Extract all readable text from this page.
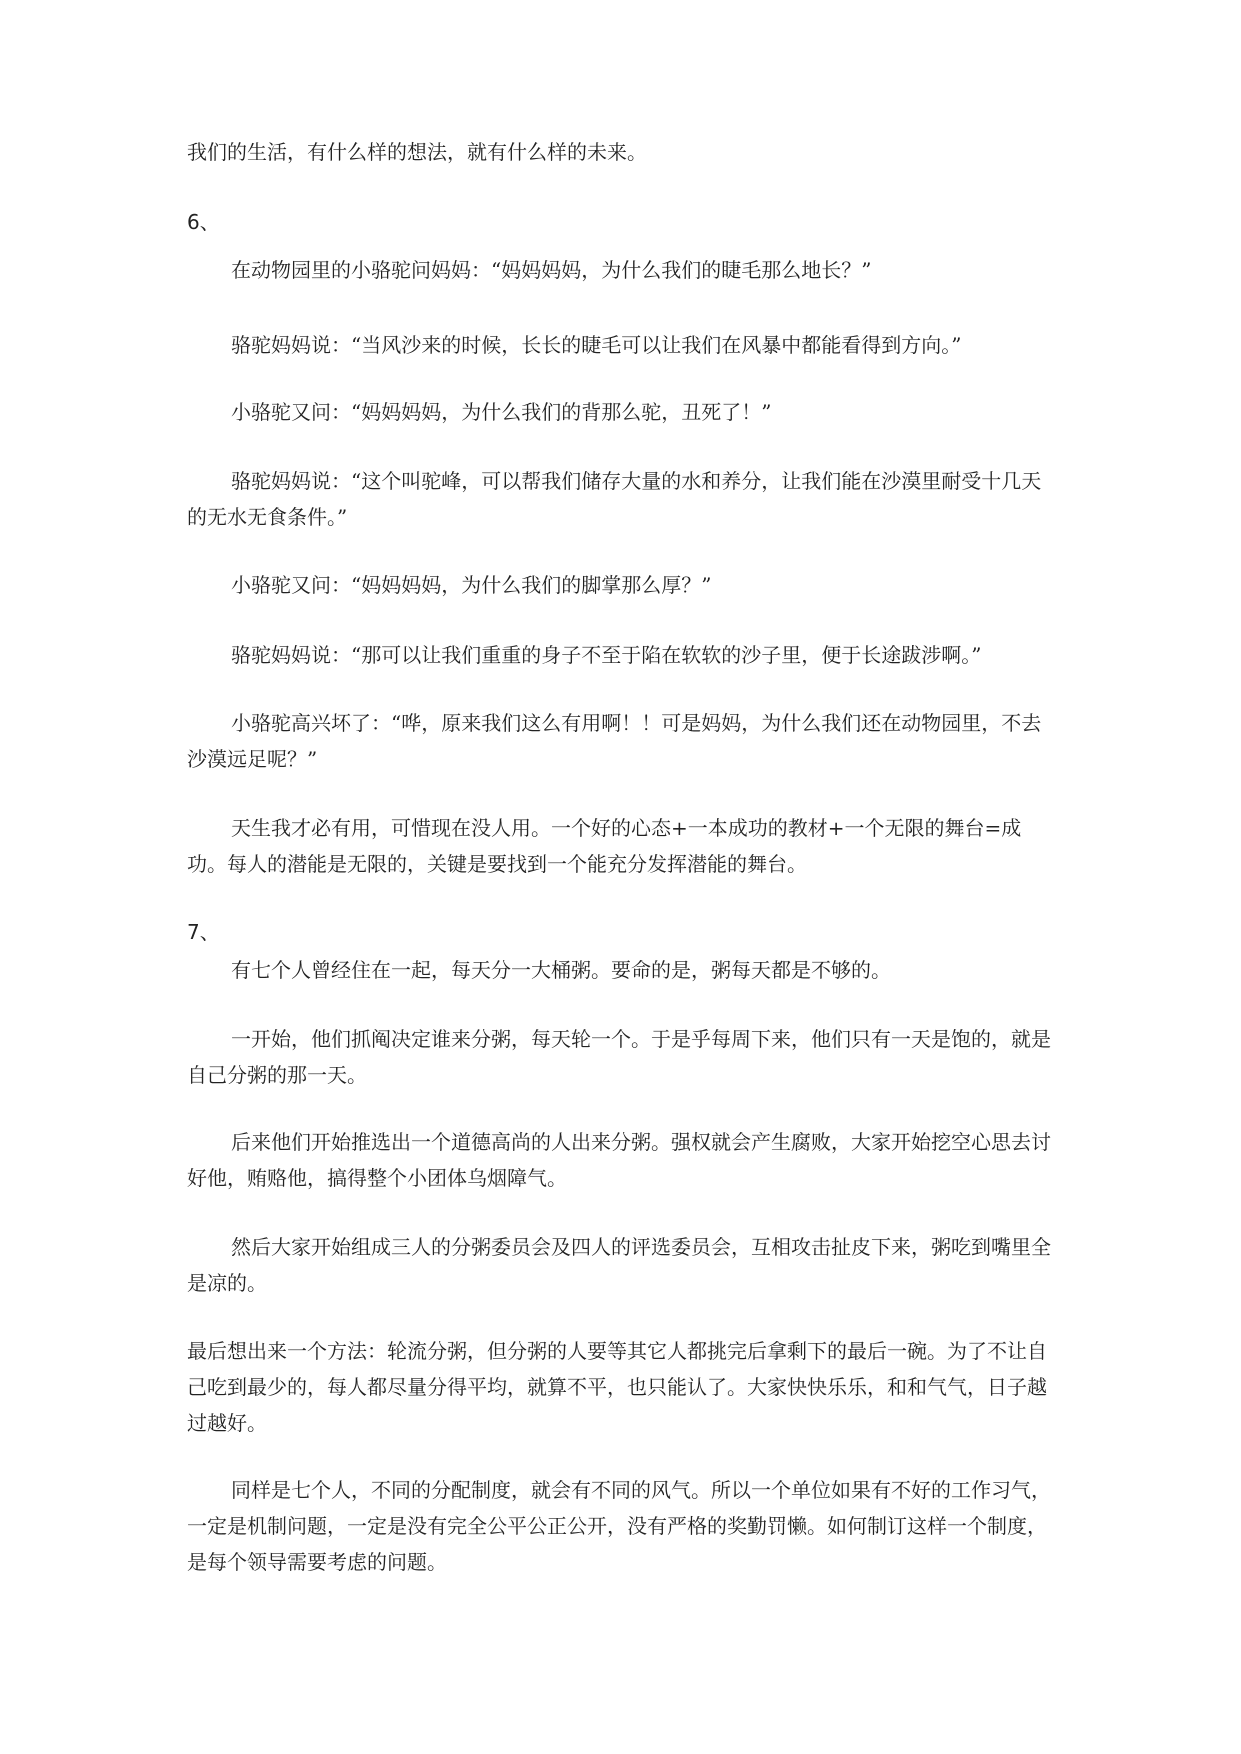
我们的生活，有什么样的想法，就有什么样的未来。

6、

在动物园里的小骆驼问妈妈：“妈妈妈妈，为什么我们的睫毛那么地长？”

骆驼妈妈说：“当风沙来的时候，长长的睫毛可以让我们在风暴中都能看得到方向。”

小骆驼又问：“妈妈妈妈，为什么我们的背那么驼，丑死了！”

骆驼妈妈说：“这个叫驼峰，可以帮我们储存大量的水和养分，让我们能在沙漠里耐受十几天的无水无食条件。”

小骆驼又问：“妈妈妈妈，为什么我们的脚掌那么厚？”

骆驼妈妈说：“那可以让我们重重的身子不至于陷在软软的沙子里，便于长途跋涉啊。”

小骆驼高兴坏了：“哗，原来我们这么有用啊！！可是妈妈，为什么我们还在动物园里，不去沙漠远足呢？”

天生我才必有用，可惜现在没人用。一个好的心态+一本成功的教材+一个无限的舞台=成功。每人的潜能是无限的，关键是要找到一个能充分发挥潜能的舞台。

7、

有七个人曾经住在一起，每天分一大桶粥。要命的是，粥每天都是不够的。

一开始，他们抓阄决定谁来分粥，每天轮一个。于是乎每周下来，他们只有一天是饱的，就是自己分粥的那一天。

后来他们开始推选出一个道德高尚的人出来分粥。强权就会产生腐败，大家开始挖空心思去讨好他，贿赂他，搞得整个小团体乌烟障气。

然后大家开始组成三人的分粥委员会及四人的评选委员会，互相攻击扯皮下来，粥吃到嘴里全是凉的。

最后想出来一个方法：轮流分粥，但分粥的人要等其它人都挑完后拿剩下的最后一碗。为了不让自己吃到最少的，每人都尽量分得平均，就算不平，也只能认了。大家快快乐乐，和和气气，日子越过越好。

同样是七个人，不同的分配制度，就会有不同的风气。所以一个单位如果有不好的工作习气，一定是机制问题，一定是没有完全公平公正公开，没有严格的奖勤罚懒。如何制订这样一个制度，是每个领导需要考虑的问题。
